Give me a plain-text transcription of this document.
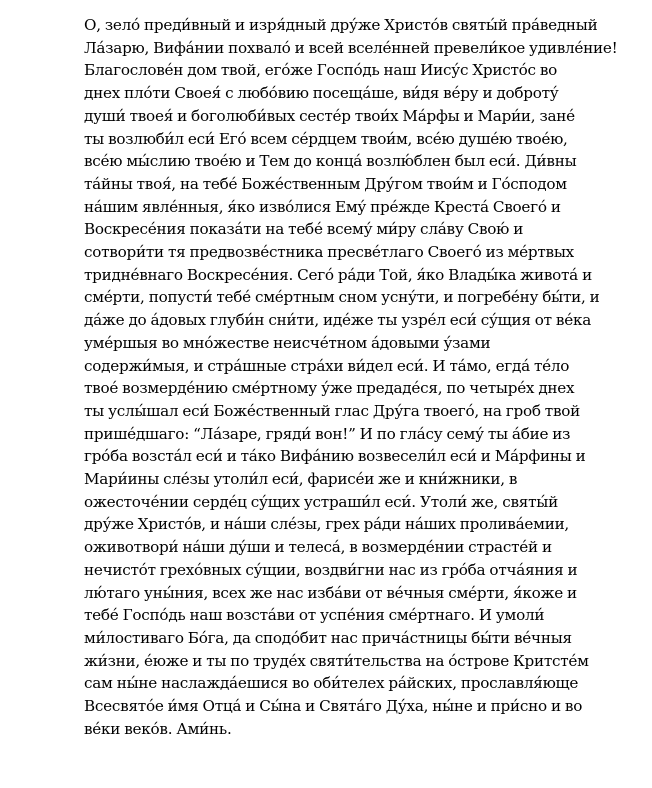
О, зело́ преди́вный и изря́дный дру́же Христо́в святы́й пра́ведный
Ла́зарю, Вифа́нии похвало́ и всей вселе́нней превели́кое удивле́ние!
Благослове́н дом твой, его́же Госпо́дь наш Иису́с Христо́с во
днех пло́ти Своея́ с любо́вию посеща́ше, ви́дя ве́ру и доброту́
души́ твоея́ и боголюби́вых сесте́р твои́х Ма́рфы и Мари́и, зане́
ты возлюби́л еси́ Его́ всем се́рдцем твои́м, все́ю душе́ю твое́ю,
все́ю мы́слию твое́ю и Тем до конца́ возлю́блен был еси́. Ди́вны
та́йны твоя́, на тебе́ Боже́ственным Дру́гом твои́м и Го́сподом
на́шим явле́нныя, я́ко изво́лися Ему́ пре́жде Креста́ Своего́ и
Воскресе́ния показа́ти на тебе́ всему́ ми́ру сла́ву Свою́ и
сотвори́ти тя предвозве́стника пресве́тлаго Своего́ из ме́ртвых
тридне́внаго Воскресе́ния. Сего́ ра́ди Той, я́ко Влады́ка живота́ и
сме́рти, попусти́ тебе́ сме́ртным сном усну́ти, и погребе́ну бы́ти, и
да́же до а́довых глуби́н сни́ти, иде́же ты узре́л еси́ су́щия от ве́ка
уме́ршыя во мно́жестве неисче́тном а́довыми у́зами
содержи́мыя, и стра́шные стра́хи ви́дел еси́. И та́мо, егда́ те́ло
твое́ возмерде́нию сме́ртному у́же предаде́ся, по четыре́х днех
ты услы́шал еси́ Боже́ственный глас Дру́га твоего́, на гроб твой
прише́дшаго: “Ла́заре, гряди́ вон!” И по гла́су сему́ ты а́бие из
гро́ба возста́л еси́ и та́ко Вифа́нию возвесели́л еси́ и Ма́рфины и
Мари́ины сле́зы утоли́л еси́, фарисе́и же и кни́жники, в
ожесточе́нии серде́ц су́щих устраши́л еси́. Утоли́ же, святы́й
дру́же Христо́в, и на́ши сле́зы, грех ра́ди на́ших пролива́емии,
оживотвори́ на́ши ду́ши и телеса́, в возмерде́нии страсте́й и
нечисто́т грехо́вных су́щии, воздви́гни нас из гро́ба отча́яния и
лю́таго уны́ния, всех же нас изба́ви от ве́чныя сме́рти, я́коже и
тебе́ Госпо́дь наш возста́ви от успе́ния сме́ртнаго. И умоли́
ми́лостиваго Бо́га, да сподо́бит нас прича́стницы бы́ти ве́чныя
жи́зни, е́юже и ты по труде́х святи́тельства на о́строве Критсте́м
сам ны́не наслажда́ешися во оби́телех ра́йских, прославля́юще
Всесвято́е и́мя Отца́ и Сы́на и Свята́го Ду́ха, ны́не и при́сно и во
ве́ки веко́в. Ами́нь.
